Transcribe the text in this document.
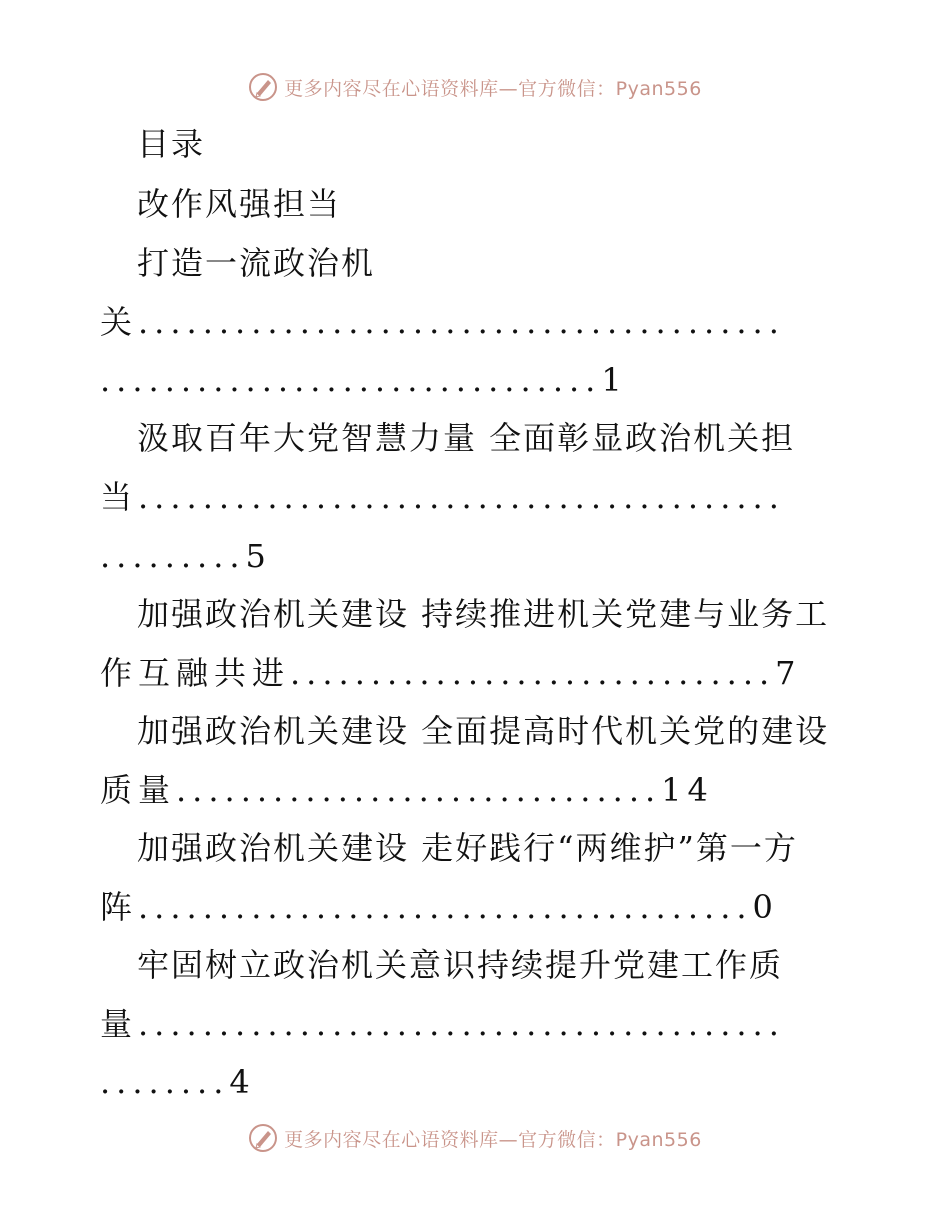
更多内容尽在心语资料库—官方微信：Pyan556
目录
改作风强担当
打造一流政治机
关........................................
...............................1
汲取百年大党智慧力量 全面彰显政治机关担
当........................................
.........5
加强政治机关建设 持续推进机关党建与业务工
作互融共进..............................7
加强政治机关建设 全面提高时代机关党的建设
质量..............................14
加强政治机关建设 走好践行“两维护”第一方
阵......................................0
牢固树立政治机关意识持续提升党建工作质
量........................................
........4
更多内容尽在心语资料库—官方微信：Pyan556
